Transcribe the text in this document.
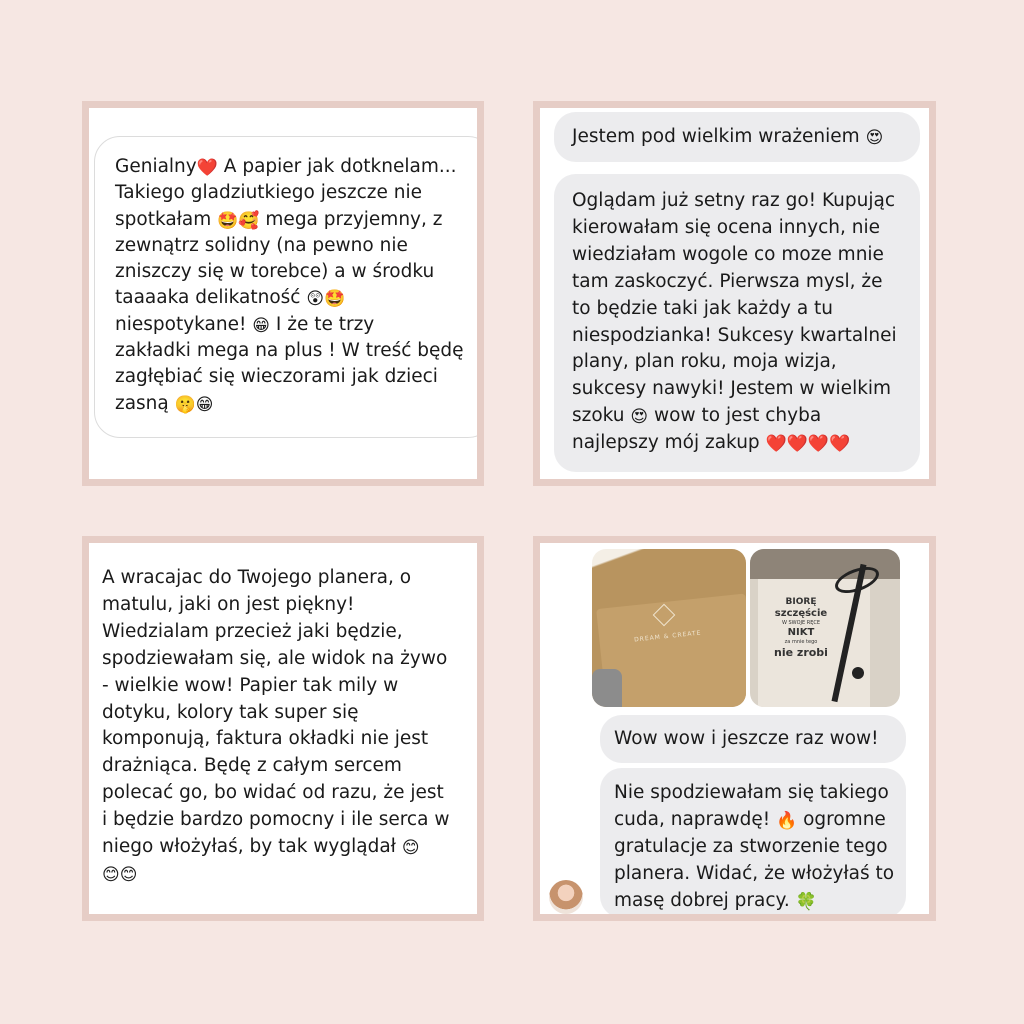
Genialny❤️ A papier jak dotknelam...
Takiego gladziutkiego jeszcze nie
spotkałam 🤩🥰 mega przyjemny, z
zewnątrz solidny (na pewno nie
zniszczy się w torebce) a w środku
taaaaka delikatność 😲🤩
niespotykane! 😁 I że te trzy
zakładki mega na plus ! W treść będę
zagłębiać się wieczorami jak dzieci
zasną 🤫😁
Jestem pod wielkim wrażeniem 😍
Oglądam już setny raz go! Kupując
kierowałam się ocena innych, nie
wiedziałam wogole co moze mnie
tam zaskoczyć. Pierwsza mysl, że
to będzie taki jak każdy a tu
niespodzianka! Sukcesy kwartalnei
plany, plan roku, moja wizja,
sukcesy nawyki! Jestem w wielkim
szoku 😍 wow to jest chyba
najlepszy mój zakup ❤️❤️❤️❤️
A wracajac do Twojego planera, o
matulu, jaki on jest piękny!
Wiedzialam przecież jaki będzie,
spodziewałam się, ale widok na żywo
- wielkie wow! Papier tak mily w
dotyku, kolory tak super się
komponują, faktura okładki nie jest
drażniąca. Będę z całym sercem
polecać go, bo widać od razu, że jest
i będzie bardzo pomocny i ile serca w
niego włożyłaś, by tak wyglądał 😊
😊😊
DREAM & CREATE
BIORĘ
szczęście
W SWOJE RĘCE
NIKT
za mnie tego
nie zrobi
Wow wow i jeszcze raz wow!
Nie spodziewałam się takiego
cuda, naprawdę! 🔥 ogromne
gratulacje za stworzenie tego
planera. Widać, że włożyłaś to
masę dobrej pracy. 🍀
